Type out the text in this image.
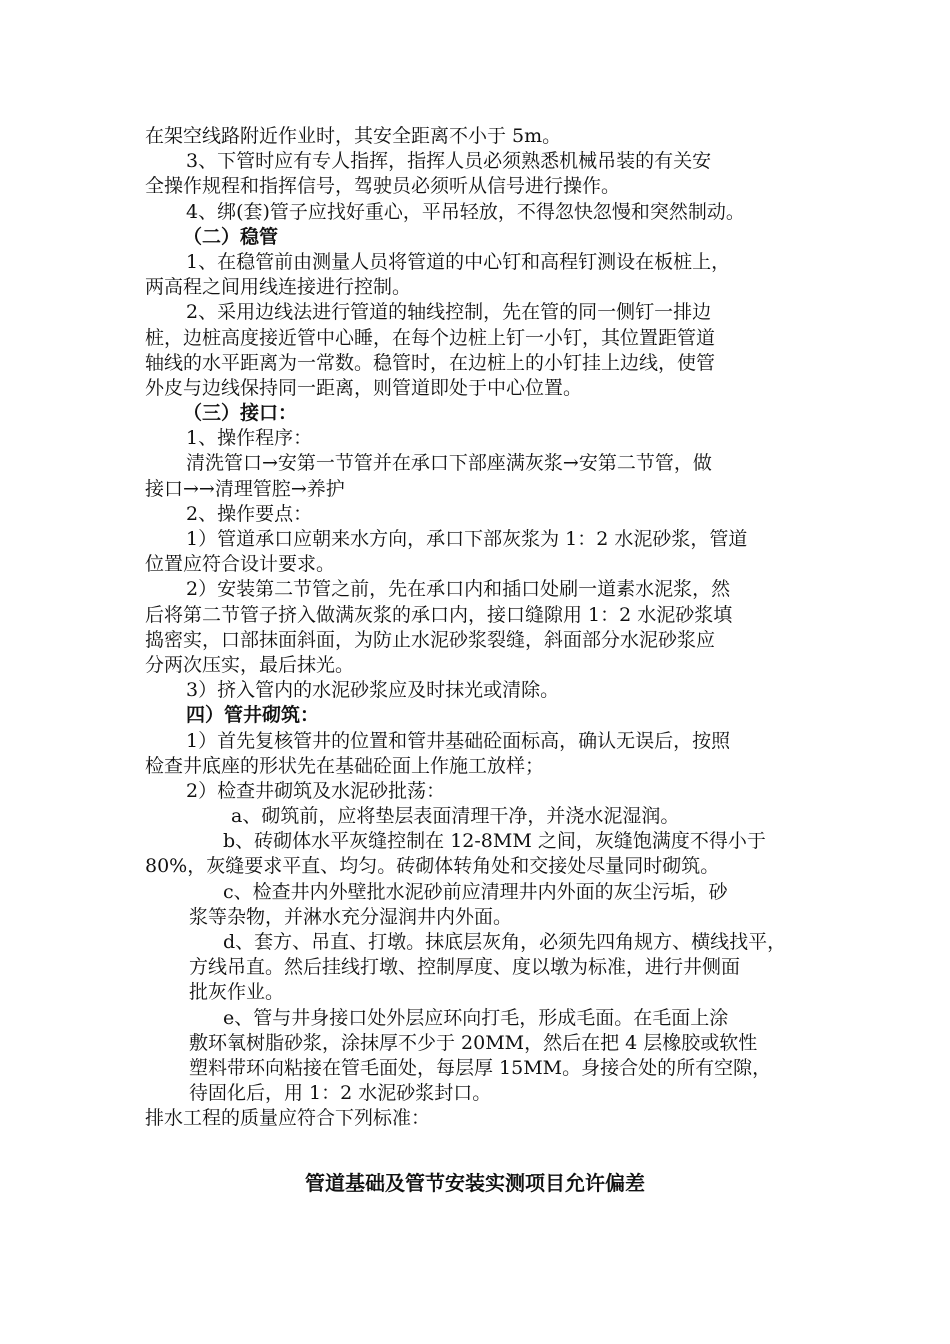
在架空线路附近作业时，其安全距离不小于 5m。
3、下管时应有专人指挥，指挥人员必须熟悉机械吊装的有关安
全操作规程和指挥信号，驾驶员必须听从信号进行操作。
4、绑(套)管子应找好重心，平吊轻放，不得忽快忽慢和突然制动。
（二）稳管
1、在稳管前由测量人员将管道的中心钉和高程钉测设在板桩上，
两高程之间用线连接进行控制。
2、采用边线法进行管道的轴线控制，先在管的同一侧钉一排边
桩，边桩高度接近管中心睡，在每个边桩上钉一小钉，其位置距管道
轴线的水平距离为一常数。稳管时，在边桩上的小钉挂上边线，使管
外皮与边线保持同一距离，则管道即处于中心位置。
（三）接口：
1、操作程序：
清洗管口→安第一节管并在承口下部座满灰浆→安第二节管，做
接口→→清理管腔→养护
2、操作要点：
1）管道承口应朝来水方向，承口下部灰浆为 1：2 水泥砂浆，管道
位置应符合设计要求。
2）安装第二节管之前，先在承口内和插口处刷一道素水泥浆，然
后将第二节管子挤入做满灰浆的承口内，接口缝隙用 1：2 水泥砂浆填
捣密实，口部抹面斜面，为防止水泥砂浆裂缝，斜面部分水泥砂浆应
分两次压实，最后抹光。
3）挤入管内的水泥砂浆应及时抹光或清除。
四）管井砌筑：
1）首先复核管井的位置和管井基础砼面标高，确认无误后，按照
检查井底座的形状先在基础砼面上作施工放样；
2）检查井砌筑及水泥砂批荡：
a、砌筑前，应将垫层表面清理干净，并浇水泥湿润。
b、砖砌体水平灰缝控制在 12-8MM 之间，灰缝饱满度不得小于
80%，灰缝要求平直、均匀。砖砌体转角处和交接处尽量同时砌筑。
c、检查井内外壁批水泥砂前应清理井内外面的灰尘污垢，砂
浆等杂物，并淋水充分湿润井内外面。
d、套方、吊直、打墩。抹底层灰角，必须先四角规方、横线找平，
方线吊直。然后挂线打墩、控制厚度、度以墩为标准，进行井侧面
批灰作业。
e、管与井身接口处外层应环向打毛，形成毛面。在毛面上涂
敷环氧树脂砂浆，涂抹厚不少于 20MM，然后在把 4 层橡胶或软性
塑料带环向粘接在管毛面处，每层厚 15MM。身接合处的所有空隙，
待固化后，用 1：2 水泥砂浆封口。
排水工程的质量应符合下列标准：
管道基础及管节安装实测项目允许偏差
